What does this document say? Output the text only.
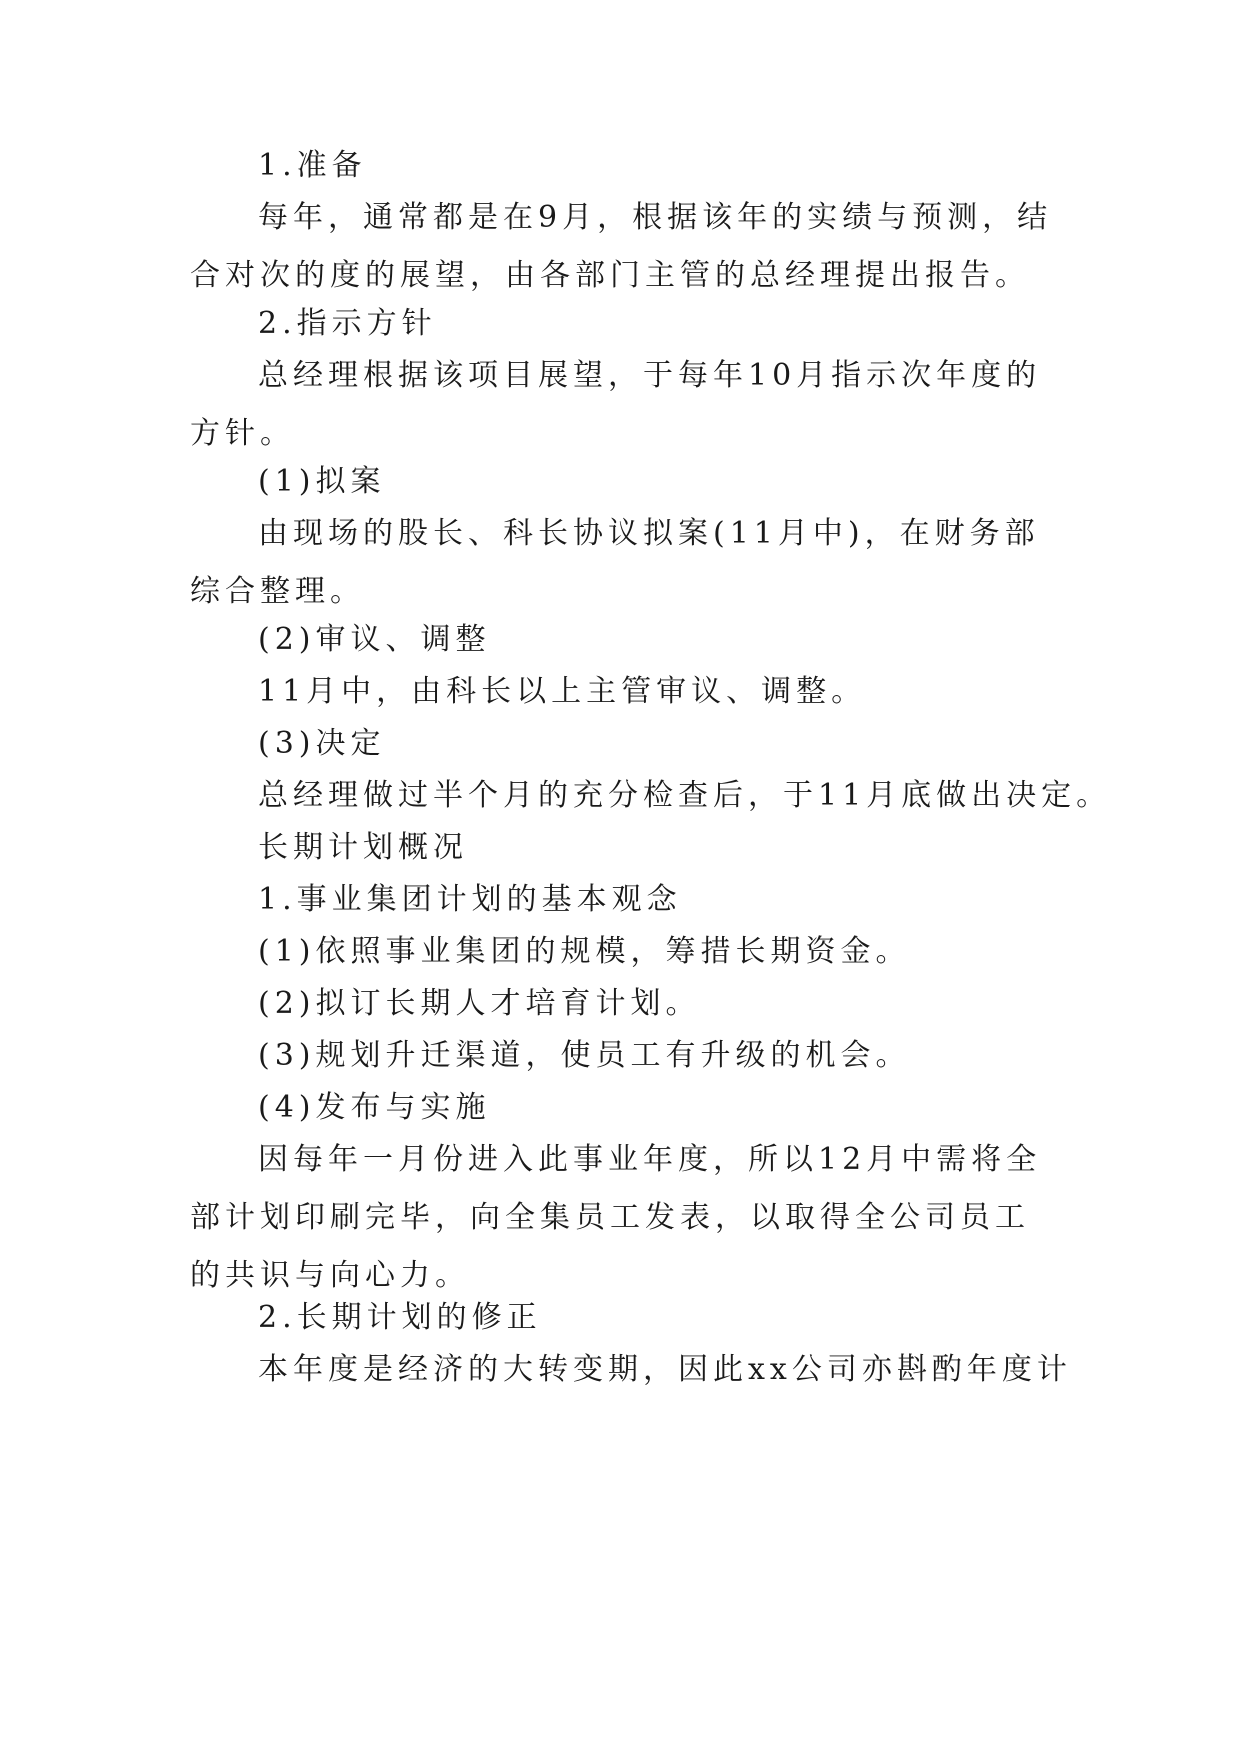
1.准备

每年，通常都是在9月，根据该年的实绩与预测，结合对次的度的展望，由各部门主管的总经理提出报告。

2.指示方针

总经理根据该项目展望，于每年10月指示次年度的方针。

(1)拟案

由现场的股长、科长协议拟案(11月中)，在财务部综合整理。

(2)审议、调整

11月中，由科长以上主管审议、调整。

(3)决定

总经理做过半个月的充分检查后，于11月底做出决定。

长期计划概况

1.事业集团计划的基本观念

(1)依照事业集团的规模，筹措长期资金。

(2)拟订长期人才培育计划。

(3)规划升迁渠道，使员工有升级的机会。

(4)发布与实施

因每年一月份进入此事业年度，所以12月中需将全部计划印刷完毕，向全集员工发表，以取得全公司员工的共识与向心力。

2.长期计划的修正

本年度是经济的大转变期，因此xx公司亦斟酌年度计
